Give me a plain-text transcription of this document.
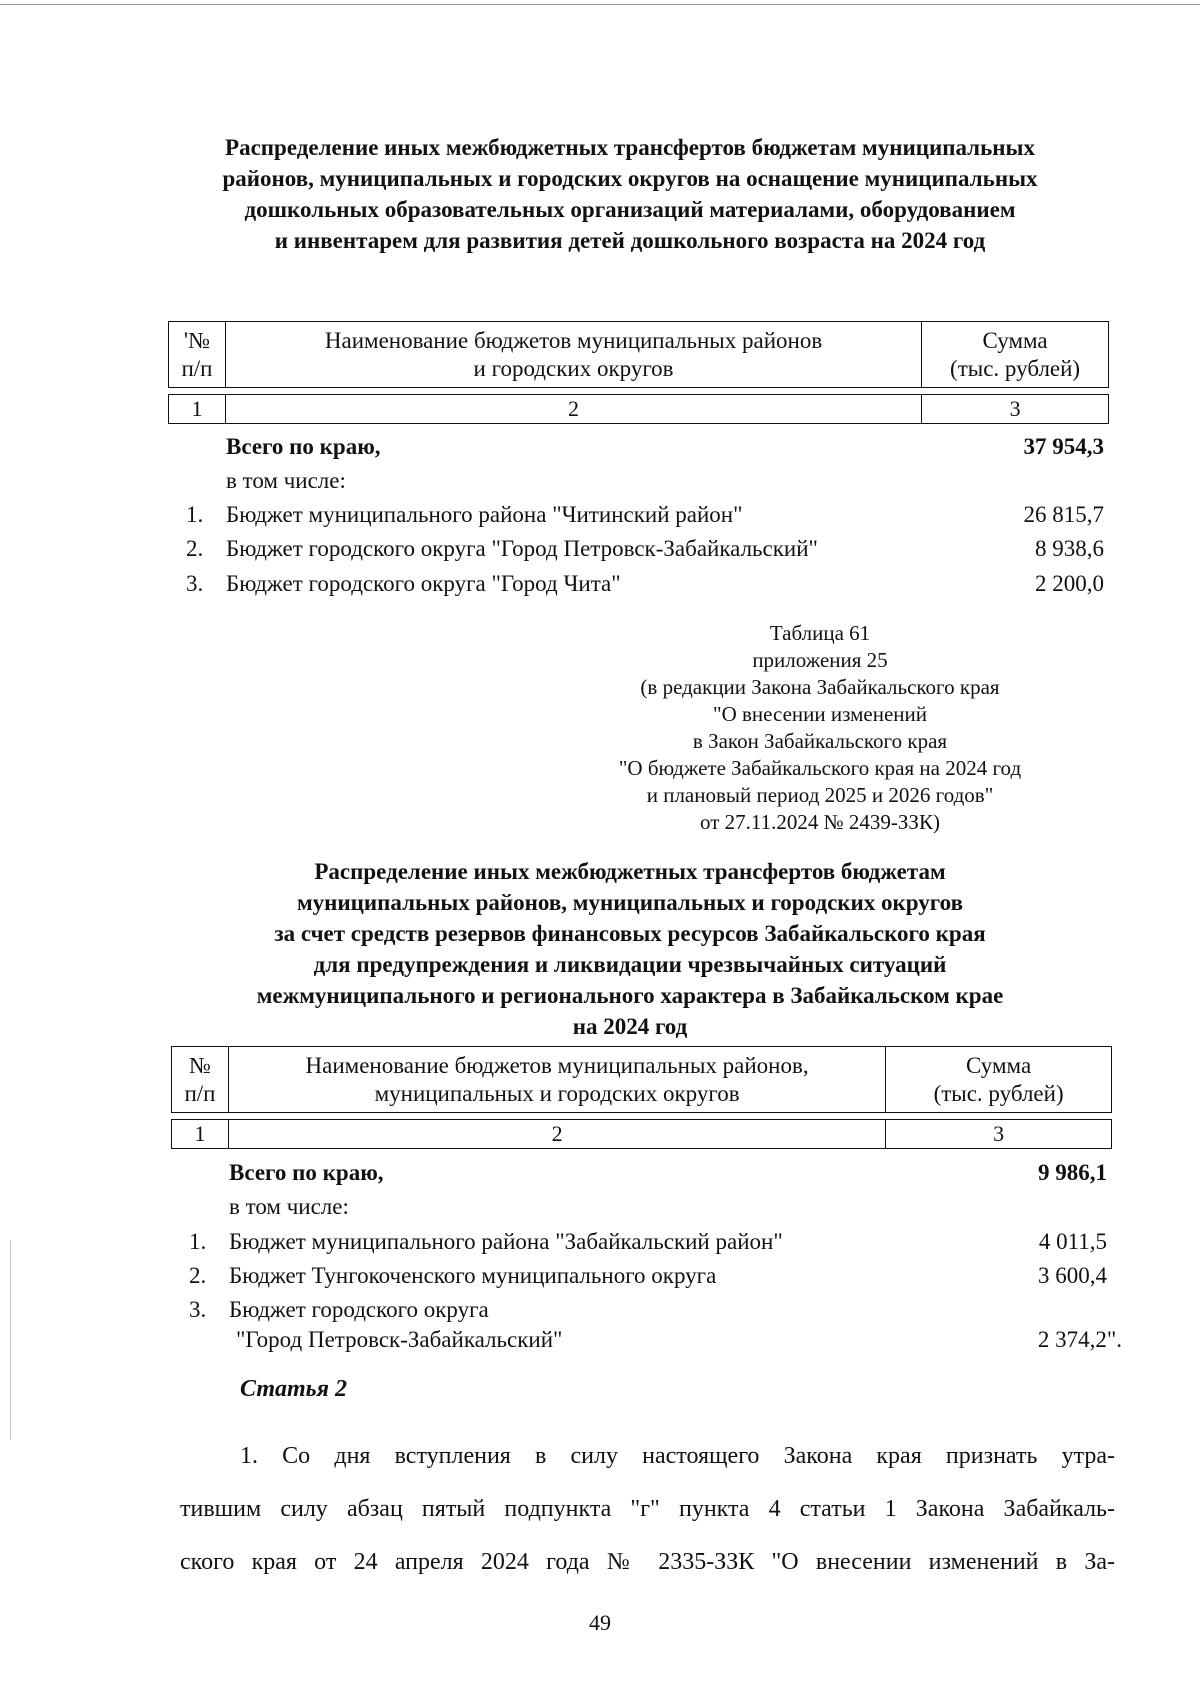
Распределение иных межбюджетных трансфертов бюджетам муниципальных
районов, муниципальных и городских округов на оснащение муниципальных
дошкольных образовательных организаций материалами, оборудованием
и инвентарем для развития детей дошкольного возраста на 2024 год
'№
п/п

Наименование бюджетов муниципальных районов
и городских округов

Сумма
(тыс. рублей)
1	2	3
Всего по краю,	37 954,3
в том числе:
1. Бюджет муниципального района "Читинский район"	26 815,7
2. Бюджет городского округа "Город Петровск-Забайкальский"	8 938,6
3. Бюджет городского округа "Город Чита"	2 200,0
Таблица 61
приложения 25
(в редакции Закона Забайкальского края
"О внесении изменений
в Закон Забайкальского края
"О бюджете Забайкальского края на 2024 год
и плановый период 2025 и 2026 годов"
от 27.11.2024 № 2439-ЗЗК)
Распределение иных межбюджетных трансфертов бюджетам
муниципальных районов, муниципальных и городских округов
за счет средств резервов финансовых ресурсов Забайкальского края
для предупреждения и ликвидации чрезвычайных ситуаций
межмуниципального и регионального характера в Забайкальском крае
на 2024 год
№
п/п

Наименование бюджетов муниципальных районов,
муниципальных и городских округов

Сумма
(тыс. рублей)
1	2	3
Всего по краю,	9 986,1
в том числе:
1. Бюджет муниципального района "Забайкальский район"	4 011,5
2. Бюджет Тунгокоченского муниципального округа	3 600,4
3. Бюджет городского округа
"Город Петровск-Забайкальский"	2 374,2".
Статья 2
1. Со дня вступления в силу настоящего Закона края признать утра-
тившим силу абзац пятый подпункта "г" пункта 4 статьи 1 Закона Забайкаль-
ского края от 24 апреля 2024 года № 2335-ЗЗК "О внесении изменений в За-
49
